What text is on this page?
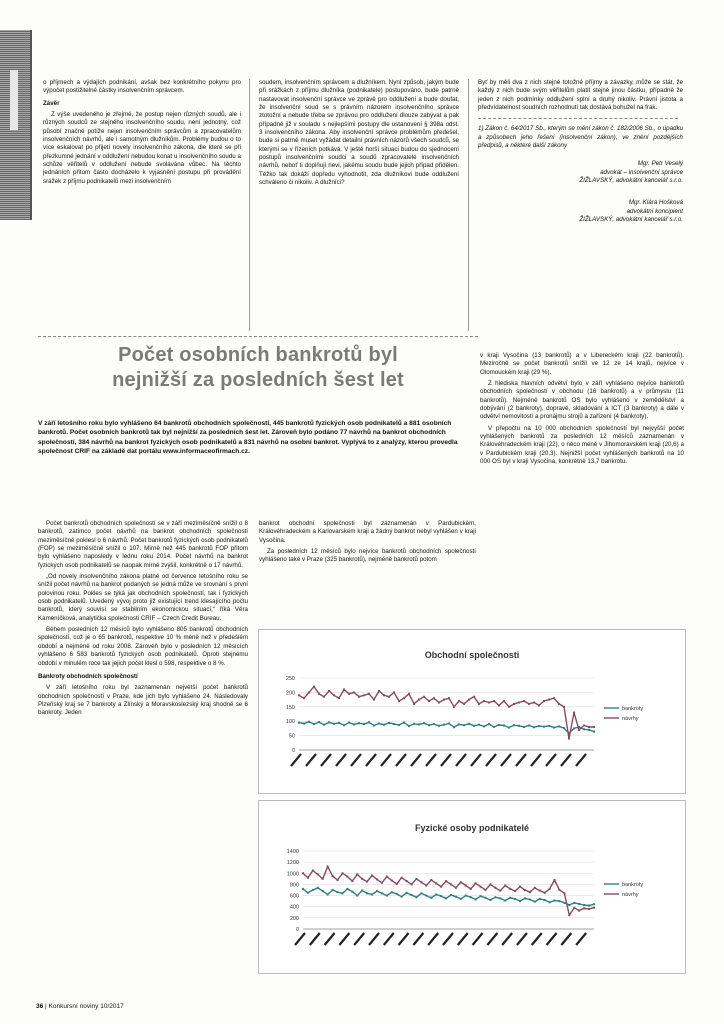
o příjmech a výdajích podnikání, avšak bez konkrétního pokynu pro výpočet postižitelné částky insolvenčním správcem.

Závěr

Z výše uvedeného je zřejmé, že postup nejen různých soudů, ale i různých soudců ze stejného insolvenčního soudu, není jednotný, což působí značné potíže nejen insolvenčním správcům a zpracovatelům insolvenčních návrhů, ale i samotným dlužníkům. Problémy budou o to více eskalovat po přijetí novely insolvenčního zákona, dle které se při přezkumné jednání v oddlužení nebudou konat u insolvenčního soudu a schůze věřitelů v oddlužení nebude svolávána vůbec. Na těchto jednáních přitom často docházelo k vyjasnění postupu při provádění srážek z příjmu podnikatelů mezi insolvenčním

soudem, insolvenčním správcem a dlužníkem. Nyní způsob, jakým bude při srážkách z příjmu dlužníka (podnikatele) postupováno, bude patrně nastavovat insolvenční správce ve zprávě pro oddlužení a bude doufat, že insolvenční soud se s právním názorem insolvenčního správce ztotožní a nebude třeba se zprávou pro oddlužení dlouze zabývat a pak případně již v souladu s nejlepšími postupy dle ustanovení § 398a odst. 3 insolvenčního zákona. Aby insolvenční správce problémům předešel, bude si patrně muset vyžádat detailní právních názorů všech soudců, se kterými se v řízeních potkává. V ještě horší situaci budou do sjednocení postupů insolvenčními soudci a soudů zpracovatelé insolvenčních návrhů, neboť ti doplňují nevi, jakému soudu bude jejich případ přidělen. Těžko tak dokáží dopředu vyhodnotit, zda dlužníkovi bude oddlužení schváleno či nikoliv. A dlužníci?

Byť by měli dva z nich stejné totožné příjmy a závazky, může se stát, že každý z nich bude svým věřitelům platit stejně jinou částku, případně že jeden z nich podmínky oddlužení splní a druhý nikoliv. Právní jistota a předvídatelnost soudních rozhodnutí tak dostává bohužel na frak.

1) Zákon č. 64/2017 Sb., kterým se mění zákon č. 182/2006 Sb., o úpadku a způsobech jeho řešení (insolvenční zákon), ve znění pozdějších předpisů, a některé další zákony

Mgr. Petr Veselý
advokát – insolvenční správce
ŽIŽLAVSKÝ, advokátní kancelář s.r.o.
Mgr. Klára Hošková
advokátní koncipient
ŽIŽLAVSKÝ, advokátní kancelář s.r.o.
Počet osobních bankrotů byl
nejnižší za posledních šest let
V září letošního roku bylo vyhlášeno 64 bankrotů obchodních společností, 445 bankrotů fyzických osob podnikatelů a 881 osobních bankrotů. Počet osobních bankrotů tak byl nejnižší za posledních šest let. Zároveň bylo podáno 77 návrhů na bankrot obchodních společností, 384 návrhů na bankrot fyzických osob podnikatelů a 831 návrhů na osobní bankrot. Vyplývá to z analýzy, kterou provedla společnost CRIF na základě dat portálu www.informaceofirmach.cz.

Počet bankrotů obchodních společností se v září meziměsíčně snížil o 8 bankrotů, zatímco počet návrhů na bankrot obchodních společností meziměsíčně poklesl o 6 návrhů. Počet bankrotů fyzických osob podnikatelů (FOP) se meziměsíčně snížil o 107. Mírně než 445 bankrotů FOP přitom bylo vyhlášeno naposledy v lednu roku 2014. Počet návrhů na bankrot fyzických osob podnikatelů se naopak mírně zvýšil, konkrétně o 17 návrhů.

„Od novely insolvenčního zákona platné od července letošního roku se snížil počet návrhů na bankrot podaných se jedná může ve srovnání s první polovinou roku. Pokles se týká jak obchodních společností, tak i fyzických osob podnikatelů. Uvedený vývoj proto již existující trend klesajícího počtu bankrotů, který souvisí se stabilním ekonomickou situací,“ říká Věra Kameníčková, analytička společnosti CRIF – Czech Credit Bureau.

Během posledních 12 měsíců bylo vyhlášeno 805 bankrotů obchodních společností, což je o 65 bankrotů, respektive 10 % méně než v předešlém období a nejméně od roku 2008. Zároveň bylo v posledních 12 měsících vyhlášeno 6 583 bankrotů fyzických osob podnikatelů. Oproti stejnému období v minulém roce tak jejich počet klesl o 598, respektive o 8 %.

Bankroty obchodních společností

V září letošního roku byl zaznamenán největší počet bankrotů obchodních společností v Praze, kde jich bylo vyhlášeno 24. Následovaly Plzeňský kraj se 7 bankroty a Zlínský a Moravskoslezský kraj shodně se 6 bankroty. Jeden

bankrot obchodní společnosti byl zaznamenán v Pardubickém, Královéhradeckém a Karlovarském kraji a žádný bankrot nebyl vyhlášen v kraji Vysočina.

Za posledních 12 měsíců bylo nejvíce bankrotů obchodních společností vyhlášeno také v Praze (325 bankrotů), nejméně bankrotů potom

v kraji Vysočina (13 bankrotů) a v Libereckém kraji (22 bankrotů). Meziročně se počet bankrotů snížil ve 12 ze 14 krajů, nejvíce v Olomouckém kraji (29 %).

Z hlediska hlavních odvětví bylo v září vyhlášeno nejvíce bankrotů obchodních společností v obchodu (16 bankrotů) a v průmyslu (11 bankrotů). Nejméně bankrotů OS bylo vyhlášeno v zemědělství a dobývání (2 bankroty), dopravě, skladování a ICT (3 bankroty) a dále v odvětví nemovitostí a pronájmu strojů a zařízení (4 bankroty).

V přepočtu na 10 000 obchodních společností byl nejvyšší počet vyhlášených bankrotů za posledních 12 měsíců zaznamenán v Královéhradeckém kraji (22), o něco méně v Jihomoravském kraji (20,6) a v Pardubickém kraji (20,3). Nejnižší počet vyhlášených bankrotů na 10 000 OS byl v kraji Vysočina, konkrétně 13,7 bankrotu.

Obchodní společnosti
0
50
100
150
200
250
bankroty
návrhy
Fyzické osoby podnikatelé
0
200
400
600
800
1000
1200
1400
bankroty
návrhy
36 | Konkursní noviny 10/2017
